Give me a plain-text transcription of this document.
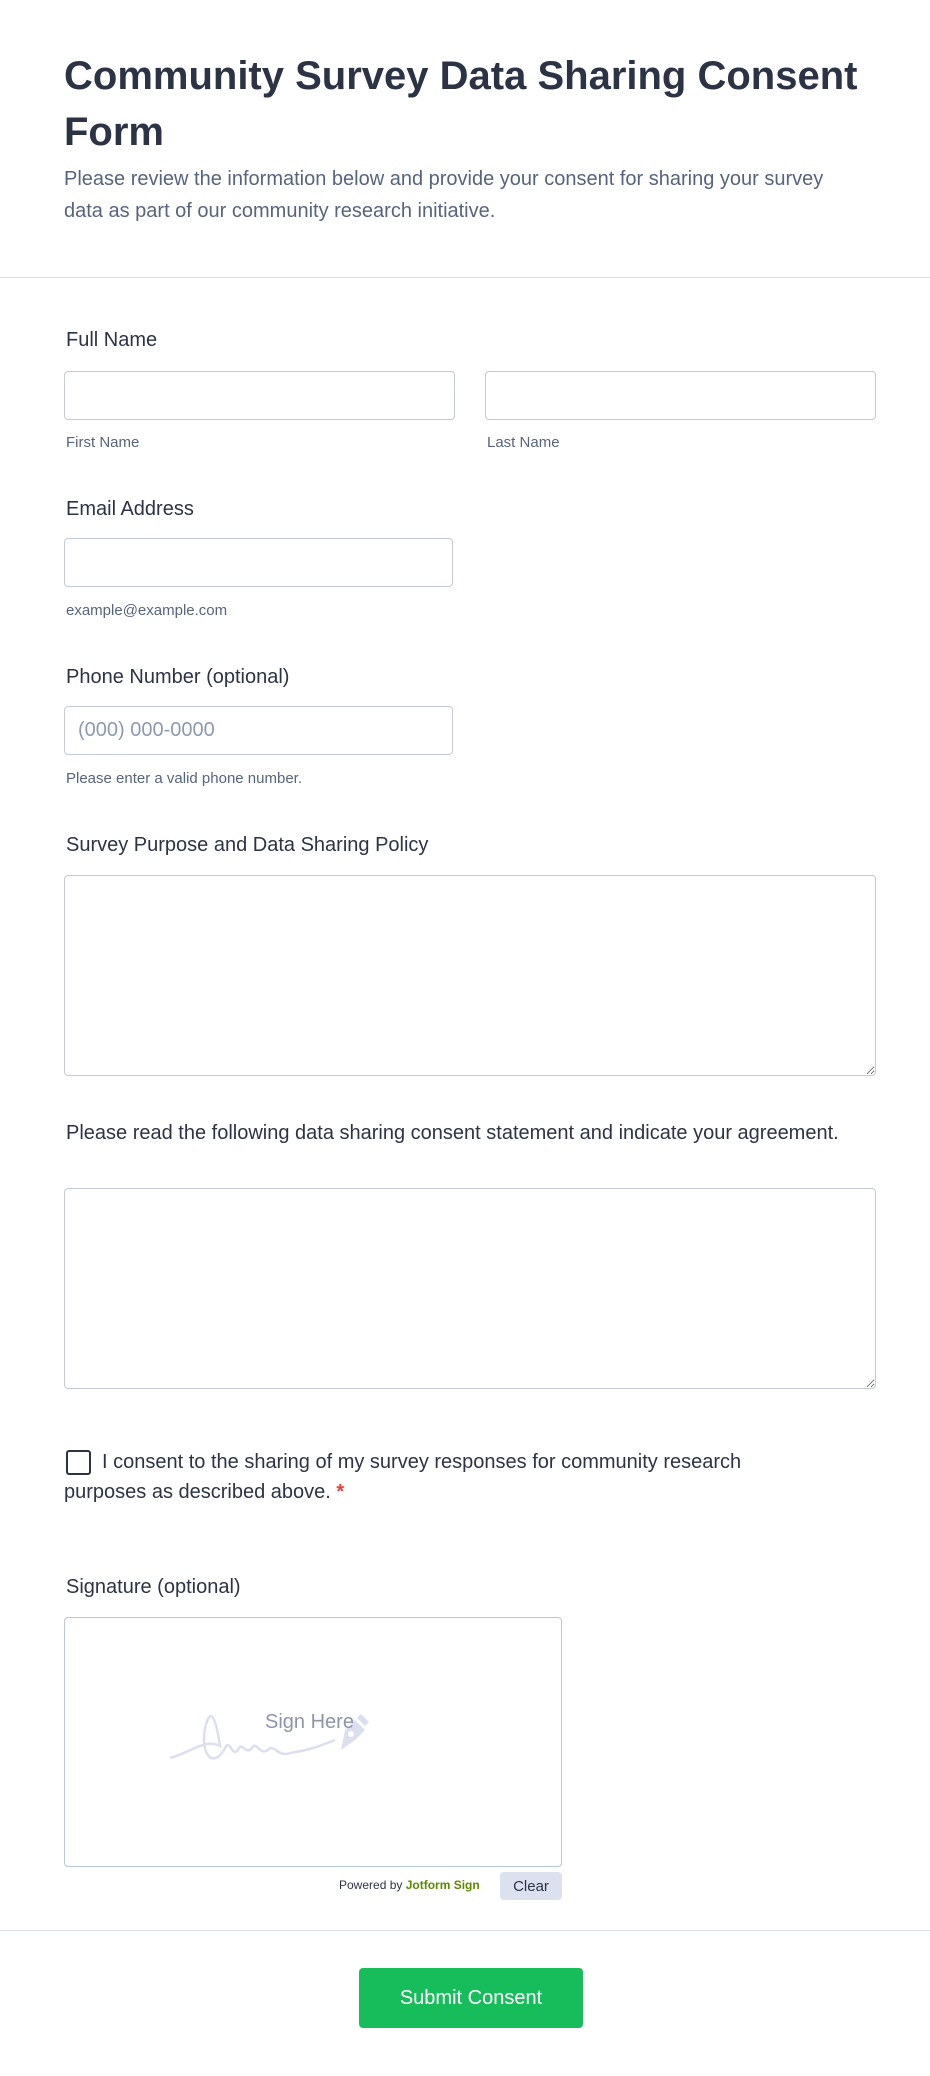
Community Survey Data Sharing Consent Form
Please review the information below and provide your consent for sharing your survey data as part of our community research initiative.
Full Name
First Name	Last Name
Email Address
example@example.com
Phone Number (optional)
(000) 000-0000
Please enter a valid phone number.
Survey Purpose and Data Sharing Policy
Please read the following data sharing consent statement and indicate your agreement.
I consent to the sharing of my survey responses for community research purposes as described above. *
Signature (optional)
Sign Here
Powered by Jotform Sign	Clear
Submit Consent
